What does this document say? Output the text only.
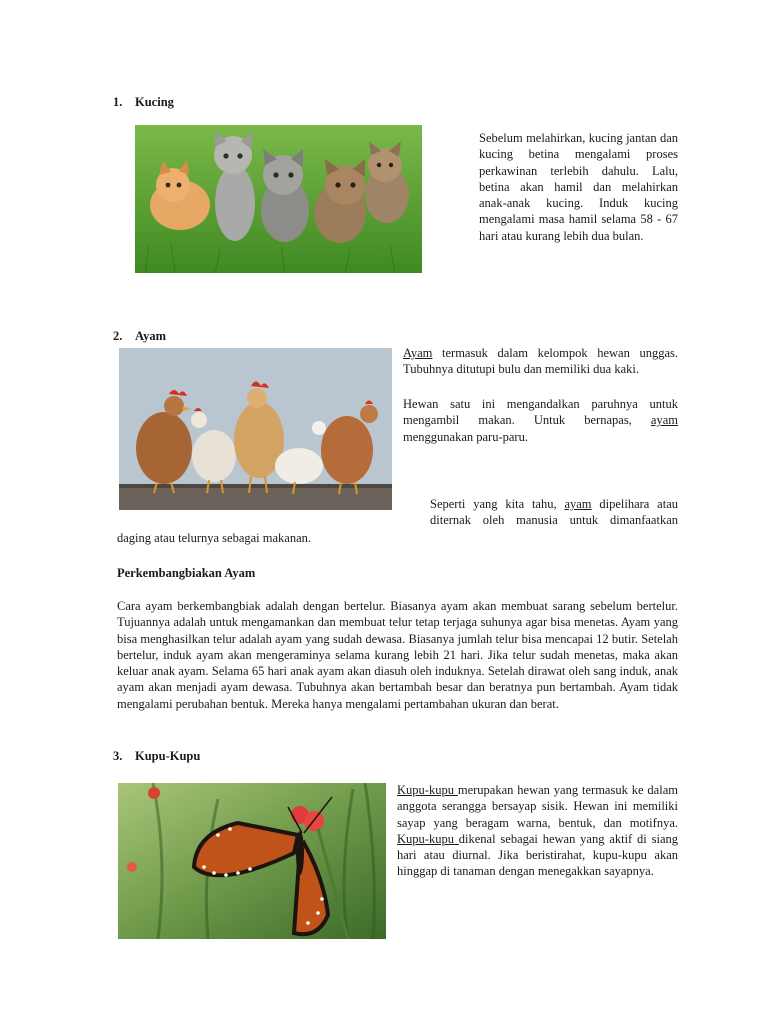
1. Kucing

Sebelum melahirkan, kucing jantan dan kucing betina mengalami proses perkawinan terlebih dahulu. Lalu, betina akan hamil dan melahirkan anak-anak kucing. Induk kucing mengalami masa hamil selama 58 - 67 hari atau kurang lebih dua bulan.

2. Ayam

Ayam termasuk dalam kelompok hewan unggas. Tubuhnya ditutupi bulu dan memiliki dua kaki.

Hewan satu ini mengandalkan paruhnya untuk mengambil makan. Untuk bernapas, ayam menggunakan paru-paru.

Seperti yang kita tahu, ayam dipelihara atau diternak oleh manusia untuk dimanfaatkan

daging atau telurnya sebagai makanan.

Perkembangbiakan Ayam

Cara ayam berkembangbiak adalah dengan bertelur. Biasanya ayam akan membuat sarang sebelum bertelur. Tujuannya adalah untuk mengamankan dan membuat telur tetap terjaga suhunya agar bisa menetas. Ayam yang bisa menghasilkan telur adalah ayam yang sudah dewasa. Biasanya jumlah telur bisa mencapai 12 butir. Setelah bertelur, induk ayam akan mengeraminya selama kurang lebih 21 hari. Jika telur sudah menetas, maka akan keluar anak ayam. Selama 65 hari anak ayam akan diasuh oleh induknya. Setelah dirawat oleh sang induk, anak ayam akan menjadi ayam dewasa. Tubuhnya akan bertambah besar dan beratnya pun bertambah. Ayam tidak mengalami perubahan bentuk. Mereka hanya mengalami pertambahan ukuran dan berat.

3. Kupu-Kupu

Kupu-kupu merupakan hewan yang termasuk ke dalam anggota serangga bersayap sisik. Hewan ini memiliki sayap yang beragam warna, bentuk, dan motifnya. Kupu-kupu dikenal sebagai hewan yang aktif di siang hari atau diurnal. Jika beristirahat, kupu-kupu akan hinggap di tanaman dengan menegakkan sayapnya.
